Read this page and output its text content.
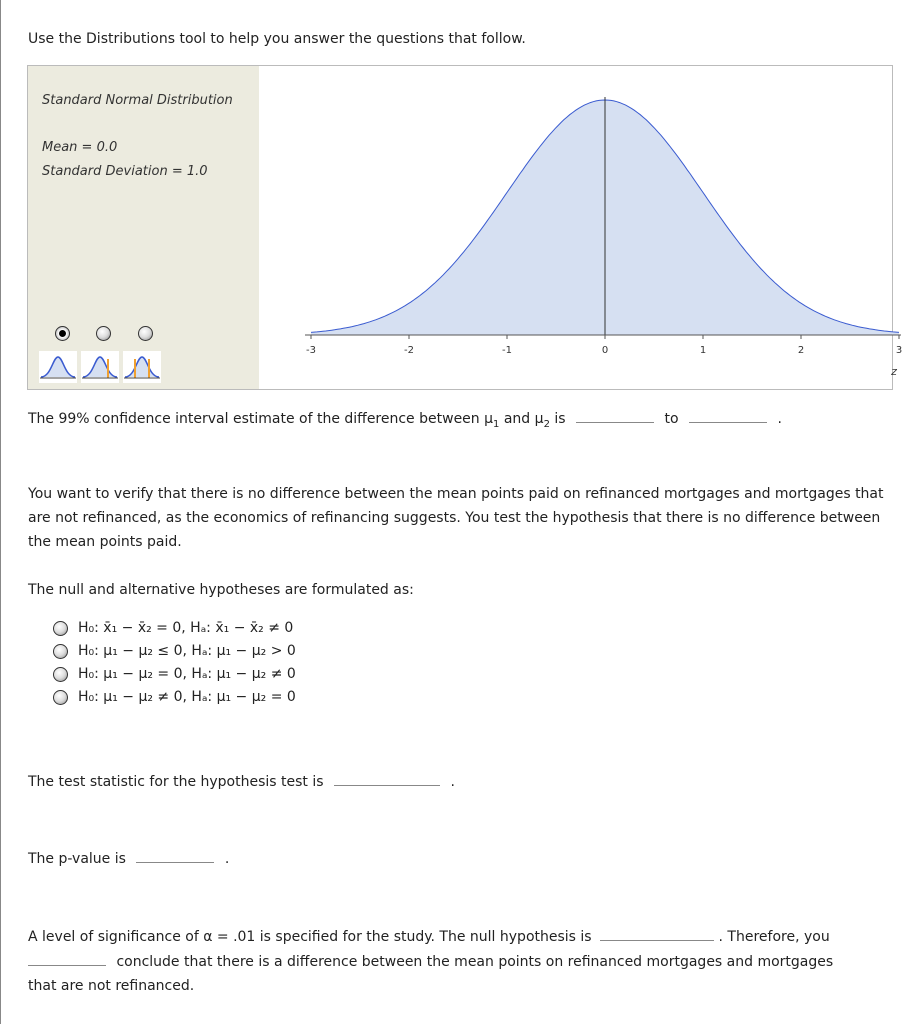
Use the Distributions tool to help you answer the questions that follow.
Standard Normal Distribution
Mean = 0.0
Standard Deviation = 1.0
-3	-2	-1	0	1	2	3
z
The 99% confidence interval estimate of the difference between $\mu_1$ and $\mu_2$ is	to	.
You want to verify that there is no difference between the mean points paid on refinanced mortgages and mortgages that are not refinanced, as the economics of refinancing suggests. You test the hypothesis that there is no difference between the mean points paid.
The null and alternative hypotheses are formulated as:
H₀: x̄₁ − x̄₂ = 0, Hₐ: x̄₁ − x̄₂ ≠ 0
H₀: μ₁ − μ₂ ≤ 0, Hₐ: μ₁ − μ₂ > 0
H₀: μ₁ − μ₂ = 0, Hₐ: μ₁ − μ₂ ≠ 0
H₀: μ₁ − μ₂ ≠ 0, Hₐ: μ₁ − μ₂ = 0
The test statistic for the hypothesis test is	.
The p-value is	.
A level of significance of α = .01 is specified for the study. The null hypothesis is	. Therefore, you
conclude that there is a difference between the mean points on refinanced mortgages and mortgages
that are not refinanced.
